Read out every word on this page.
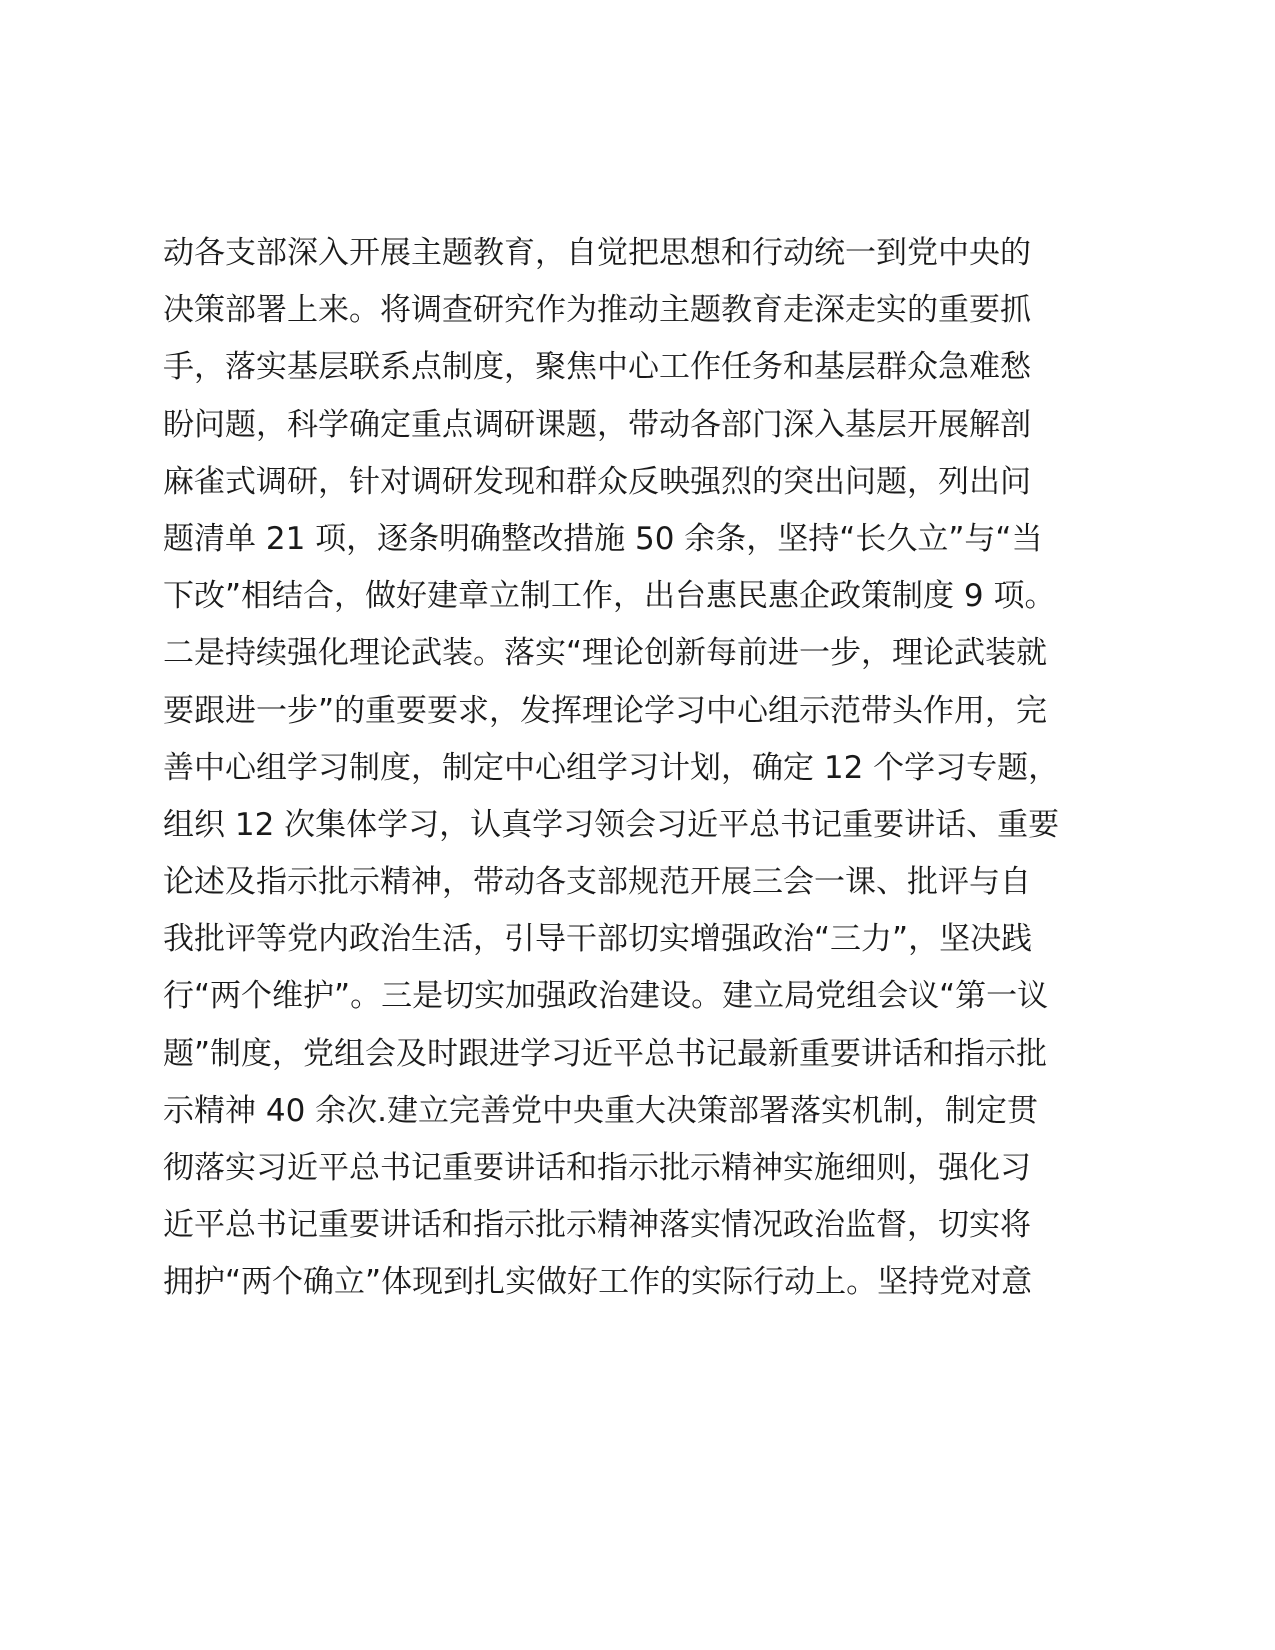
动各支部深入开展主题教育，自觉把思想和行动统一到党中央的
决策部署上来。将调查研究作为推动主题教育走深走实的重要抓
手，落实基层联系点制度，聚焦中心工作任务和基层群众急难愁
盼问题，科学确定重点调研课题，带动各部门深入基层开展解剖
麻雀式调研，针对调研发现和群众反映强烈的突出问题，列出问
题清单 21 项，逐条明确整改措施 50 余条，坚持“长久立”与“当
下改”相结合，做好建章立制工作，出台惠民惠企政策制度 9 项。
二是持续强化理论武装。落实“理论创新每前进一步，理论武装就
要跟进一步”的重要要求，发挥理论学习中心组示范带头作用，完
善中心组学习制度，制定中心组学习计划，确定 12 个学习专题，
组织 12 次集体学习，认真学习领会习近平总书记重要讲话、重要
论述及指示批示精神，带动各支部规范开展三会一课、批评与自
我批评等党内政治生活，引导干部切实增强政治“三力”，坚决践
行“两个维护”。三是切实加强政治建设。建立局党组会议“第一议
题”制度，党组会及时跟进学习近平总书记最新重要讲话和指示批
示精神 40 余次.建立完善党中央重大决策部署落实机制，制定贯
彻落实习近平总书记重要讲话和指示批示精神实施细则，强化习
近平总书记重要讲话和指示批示精神落实情况政治监督，切实将
拥护“两个确立”体现到扎实做好工作的实际行动上。坚持党对意
